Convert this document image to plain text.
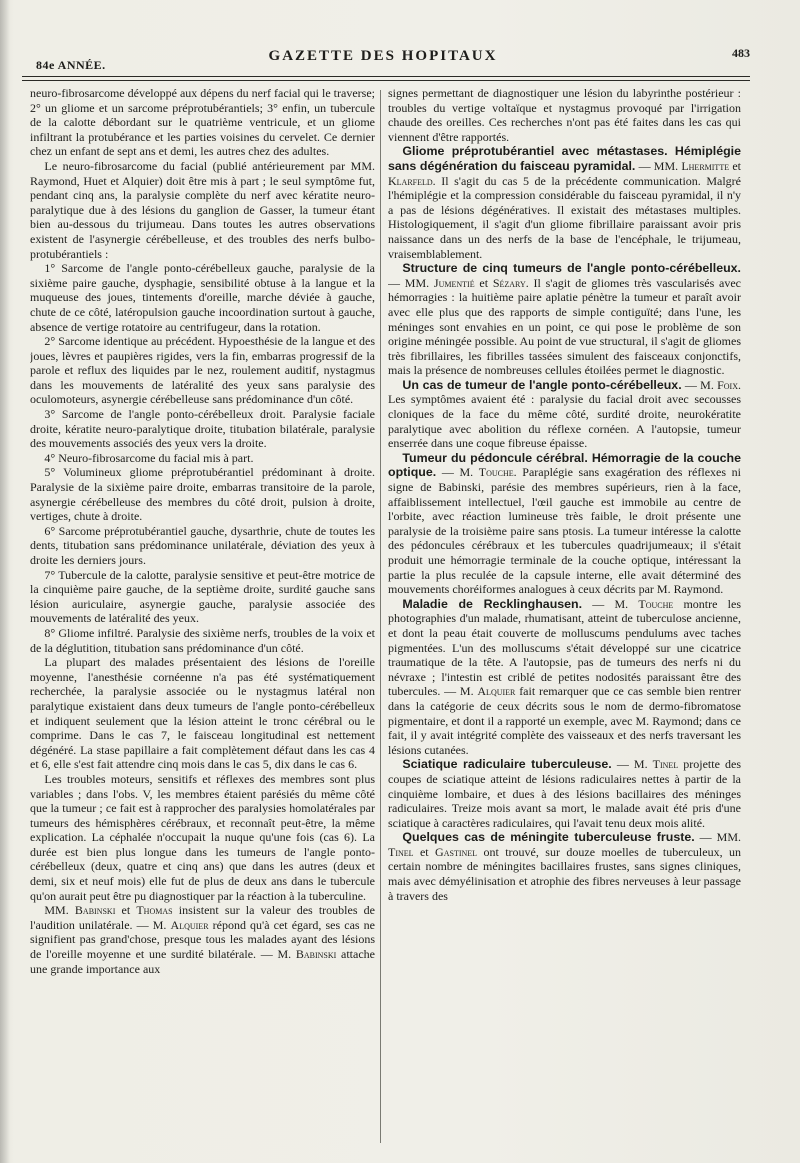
84e ANNÉE.
GAZETTE DES HOPITAUX	483

neuro-fibrosarcome développé aux dépens du nerf facial qui le traverse; 2° un gliome et un sarcome préprotubérantiels; 3° enfin, un tubercule de la calotte débordant sur le quatrième ventricule, et un gliome infiltrant la protubérance et les parties voisines du cervelet. Ce dernier chez un enfant de sept ans et demi, les autres chez des adultes.

Le neuro-fibrosarcome du facial (publié antérieurement par MM. Raymond, Huet et Alquier) doit être mis à part ; le seul symptôme fut, pendant cinq ans, la paralysie complète du nerf avec kératite neuro-paralytique due à des lésions du ganglion de Gasser, la tumeur étant bien au-dessous du trijumeau. Dans toutes les autres observations existent de l'asynergie cérébelleuse, et des troubles des nerfs bulbo-protubérantiels :

1° Sarcome de l'angle ponto-cérébelleux gauche, paralysie de la sixième paire gauche, dysphagie, sensibilité obtuse à la langue et la muqueuse des joues, tintements d'oreille, marche déviée à gauche, chute de ce côté, latéropulsion gauche incoordination surtout à gauche, absence de vertige rotatoire au centrifugeur, dans la rotation.

2° Sarcome identique au précédent. Hypoesthésie de la langue et des joues, lèvres et paupières rigides, vers la fin, embarras progressif de la parole et reflux des liquides par le nez, roulement auditif, nystagmus dans les mouvements de latéralité des yeux sans paralysie des oculomoteurs, asynergie cérébelleuse sans prédominance d'un côté.

3° Sarcome de l'angle ponto-cérébelleux droit. Paralysie faciale droite, kératite neuro-paralytique droite, titubation bilatérale, paralysie des mouvements associés des yeux vers la droite.

4° Neuro-fibrosarcome du facial mis à part.

5° Volumineux gliome préprotubérantiel prédominant à droite. Paralysie de la sixième paire droite, embarras transitoire de la parole, asynergie cérébelleuse des membres du côté droit, pulsion à droite, vertiges, chute à droite.

6° Sarcome préprotubérantiel gauche, dysarthrie, chute de toutes les dents, titubation sans prédominance unilatérale, déviation des yeux à droite les derniers jours.

7° Tubercule de la calotte, paralysie sensitive et peut-être motrice de la cinquième paire gauche, de la septième droite, surdité gauche sans lésion auriculaire, asynergie gauche, paralysie associée des mouvements de latéralité des yeux.

8° Gliome infiltré. Paralysie des sixième nerfs, troubles de la voix et de la déglutition, titubation sans prédominance d'un côté.

La plupart des malades présentaient des lésions de l'oreille moyenne, l'anesthésie cornéenne n'a pas été systématiquement recherchée, la paralysie associée ou le nystagmus latéral non paralytique existaient dans deux tumeurs de l'angle ponto-cérébelleux et indiquent seulement que la lésion atteint le tronc cérébral ou le comprime. Dans le cas 7, le faisceau longitudinal est nettement dégénéré. La stase papillaire a fait complètement défaut dans les cas 4 et 6, elle s'est fait attendre cinq mois dans le cas 5, dix dans le cas 6.

Les troubles moteurs, sensitifs et réflexes des membres sont plus variables ; dans l'obs. V, les membres étaient parésiés du même côté que la tumeur ; ce fait est à rapprocher des paralysies homolatérales par tumeurs des hémisphères cérébraux, et reconnaît peut-être, la même explication. La céphalée n'occupait la nuque qu'une fois (cas 6). La durée est bien plus longue dans les tumeurs de l'angle ponto-cérébelleux (deux, quatre et cinq ans) que dans les autres (deux et demi, six et neuf mois) elle fut de plus de deux ans dans le tubercule qu'on aurait peut être pu diagnostiquer par la réaction à la tuberculine.

MM. Babinski et Thomas insistent sur la valeur des troubles de l'audition unilatérale. — M. Alquier répond qu'à cet égard, ses cas ne signifient pas grand'chose, presque tous les malades ayant des lésions de l'oreille moyenne et une surdité bilatérale. — M. Babinski attache une grande importance aux

signes permettant de diagnostiquer une lésion du labyrinthe postérieur : troubles du vertige voltaïque et nystagmus provoqué par l'irrigation chaude des oreilles. Ces recherches n'ont pas été faites dans les cas qui viennent d'être rapportés.

Gliome préprotubérantiel avec métastases. Hémiplégie sans dégénération du faisceau pyramidal. — MM. Lhermitte et Klarfeld. Il s'agit du cas 5 de la précédente communication. Malgré l'hémiplégie et la compression considérable du faisceau pyramidal, il n'y a pas de lésions dégénératives. Il existait des métastases multiples. Histologiquement, il s'agit d'un gliome fibrillaire paraissant avoir pris naissance dans un des nerfs de la base de l'encéphale, le trijumeau, vraisemblablement.

Structure de cinq tumeurs de l'angle ponto-cérébelleux. — MM. Jumentié et Sézary. Il s'agit de gliomes très vascularisés avec hémorragies : la huitième paire aplatie pénètre la tumeur et paraît avoir avec elle plus que des rapports de simple contiguïté; dans l'une, les méninges sont envahies en un point, ce qui pose le problème de son origine méningée possible. Au point de vue structural, il s'agit de gliomes très fibrillaires, les fibrilles tassées simulent des faisceaux conjonctifs, mais la présence de nombreuses cellules étoilées permet le diagnostic.

Un cas de tumeur de l'angle ponto-cérébelleux. — M. Foix. Les symptômes avaient été : paralysie du facial droit avec secousses cloniques de la face du même côté, surdité droite, neurokératite paralytique avec abolition du réflexe cornéen. A l'autopsie, tumeur enserrée dans une coque fibreuse épaisse.

Tumeur du pédoncule cérébral. Hémorragie de la couche optique. — M. Touche. Paraplégie sans exagération des réflexes ni signe de Babinski, parésie des membres supérieurs, rien à la face, affaiblissement intellectuel, l'œil gauche est immobile au centre de l'orbite, avec réaction lumineuse très faible, le droit présente une paralysie de la troisième paire sans ptosis. La tumeur intéresse la calotte des pédoncules cérébraux et les tubercules quadrijumeaux; il s'était produit une hémorragie terminale de la couche optique, intéressant la partie la plus reculée de la capsule interne, elle avait déterminé des mouvements choréiformes analogues à ceux décrits par M. Raymond.

Maladie de Recklinghausen. — M. Touche montre les photographies d'un malade, rhumatisant, atteint de tuberculose ancienne, et dont la peau était couverte de molluscums pendulums avec taches pigmentées. L'un des molluscums s'était développé sur une cicatrice traumatique de la tête. A l'autopsie, pas de tumeurs des nerfs ni du névraxe ; l'intestin est criblé de petites nodosités paraissant être des tubercules. — M. Alquier fait remarquer que ce cas semble bien rentrer dans la catégorie de ceux décrits sous le nom de dermo-fibromatose pigmentaire, et dont il a rapporté un exemple, avec M. Raymond; dans ce fait, il y avait intégrité complète des vaisseaux et des nerfs traversant les lésions cutanées.

Sciatique radiculaire tuberculeuse. — M. Tinel projette des coupes de sciatique atteint de lésions radiculaires nettes à partir de la cinquième lombaire, et dues à des lésions bacillaires des méninges radiculaires. Treize mois avant sa mort, le malade avait été pris d'une sciatique à caractères radiculaires, qui l'avait tenu deux mois alité.

Quelques cas de méningite tuberculeuse fruste. — MM. Tinel et Gastinel ont trouvé, sur douze moelles de tuberculeux, un certain nombre de méningites bacillaires frustes, sans signes cliniques, mais avec démyélinisation et atrophie des fibres nerveuses à leur passage à travers des
